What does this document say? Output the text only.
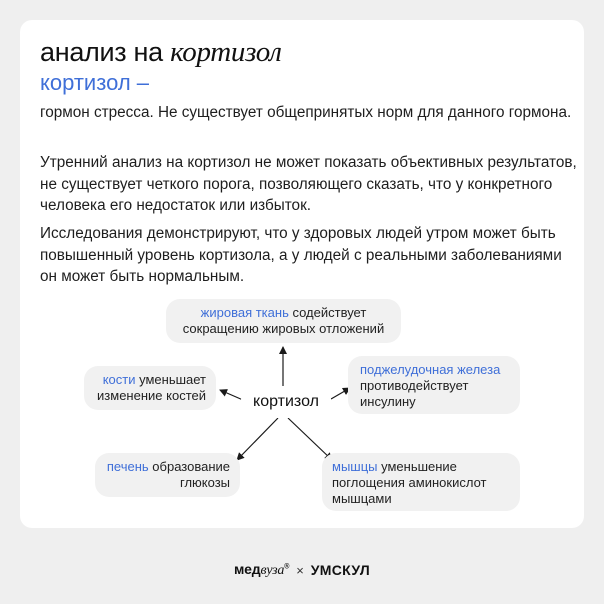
анализ на кортизол
кортизол –
гормон стресса. Не существует общепринятых норм для данного гормона.
Утренний анализ на кортизол не может показать объективных результатов, не существует четкого порога, позволяющего сказать, что у конкретного человека его недостаток или избыток.
Исследования демонстрируют, что у здоровых людей утром может быть повышенный уровень кортизола, а у людей с реальными заболеваниями он может быть нормальным.
жировая ткань содействует сокращению жировых отложений
кости уменьшает изменение костей
поджелудочная железа противодействует инсулину
печень образование глюкозы
мышцы уменьшение поглощения аминокислот мышцами
кортизол
медвуза® × УМСКУЛ
